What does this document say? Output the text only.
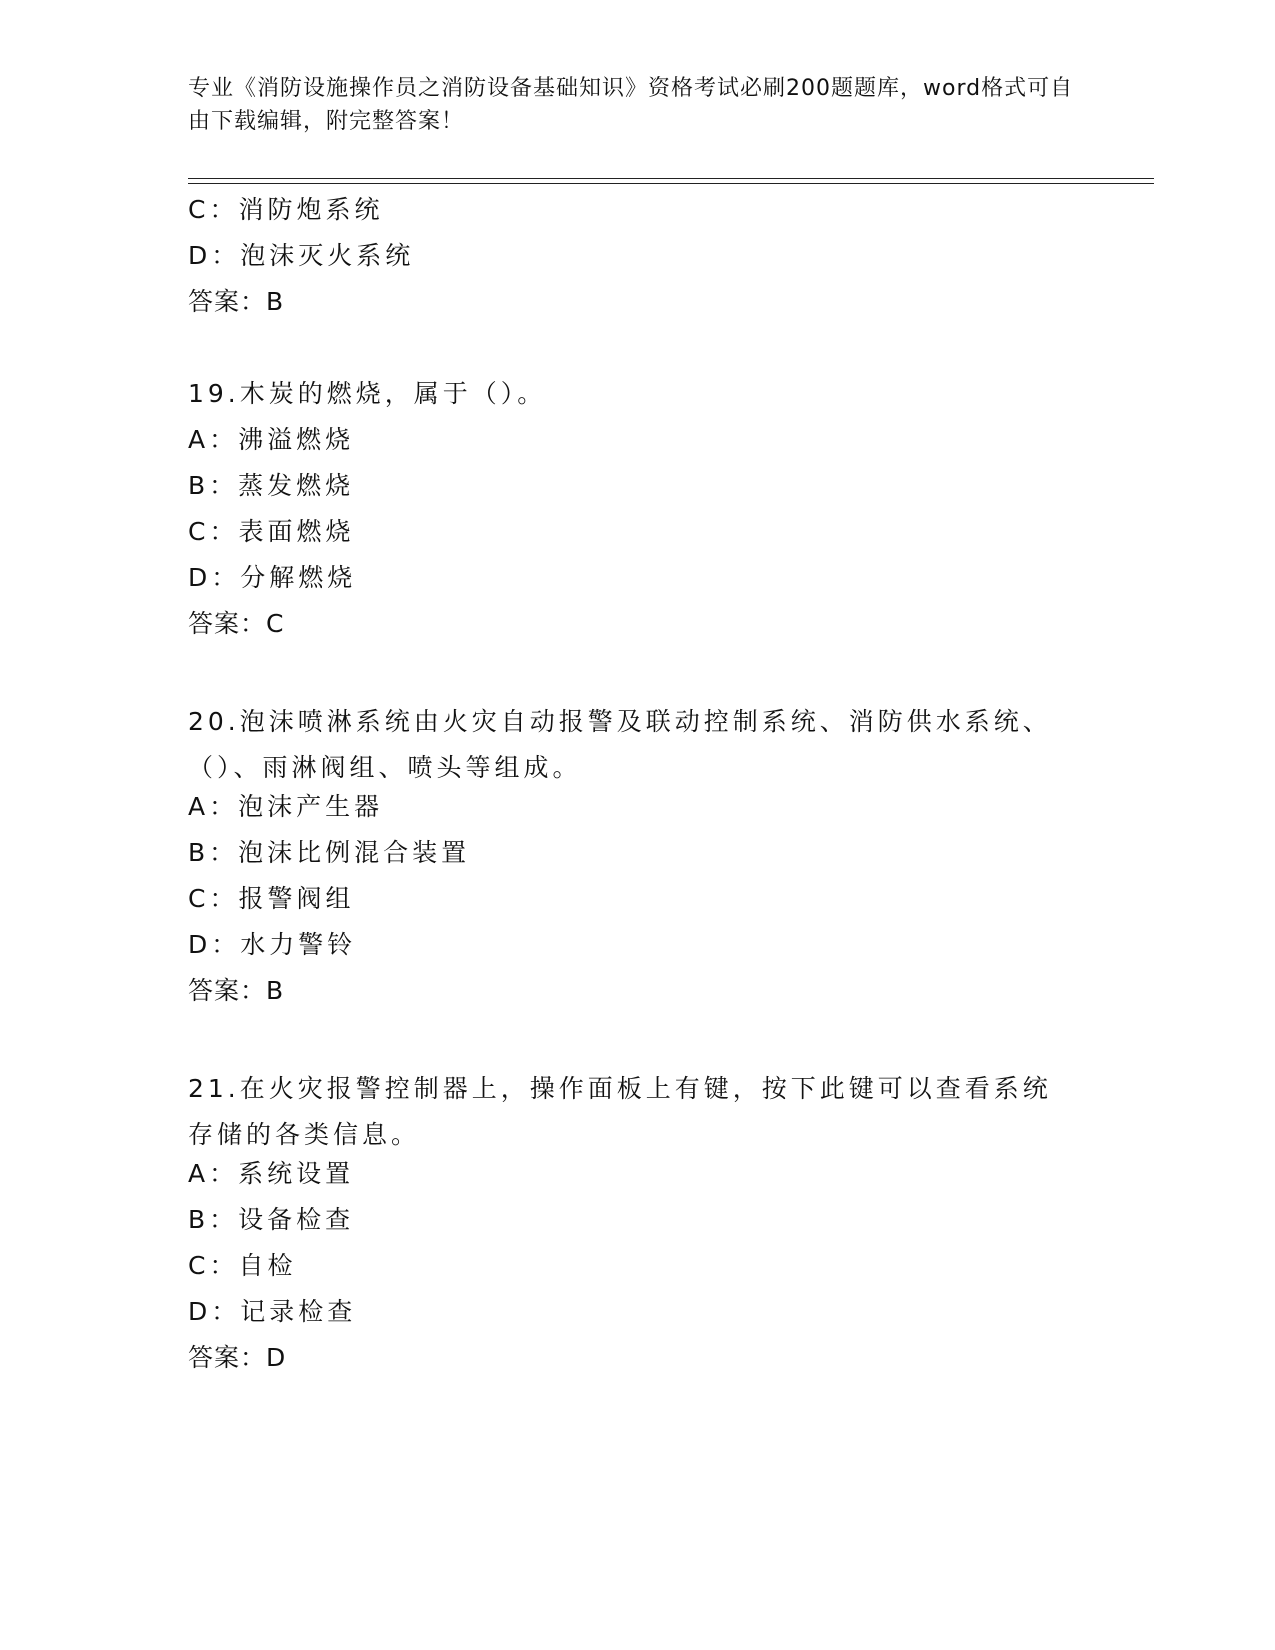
专业《消防设施操作员之消防设备基础知识》资格考试必刷200题题库，word格式可自由下载编辑，附完整答案！
C：消防炮系统
D：泡沫灭火系统
答案：B
19.木炭的燃烧，属于（）。
A：沸溢燃烧
B：蒸发燃烧
C：表面燃烧
D：分解燃烧
答案：C
20.泡沫喷淋系统由火灾自动报警及联动控制系统、消防供水系统、（）、雨淋阀组、喷头等组成。
A：泡沫产生器
B：泡沫比例混合装置
C：报警阀组
D：水力警铃
答案：B
21.在火灾报警控制器上，操作面板上有键，按下此键可以查看系统存储的各类信息。
A：系统设置
B：设备检查
C：自检
D：记录检查
答案：D
